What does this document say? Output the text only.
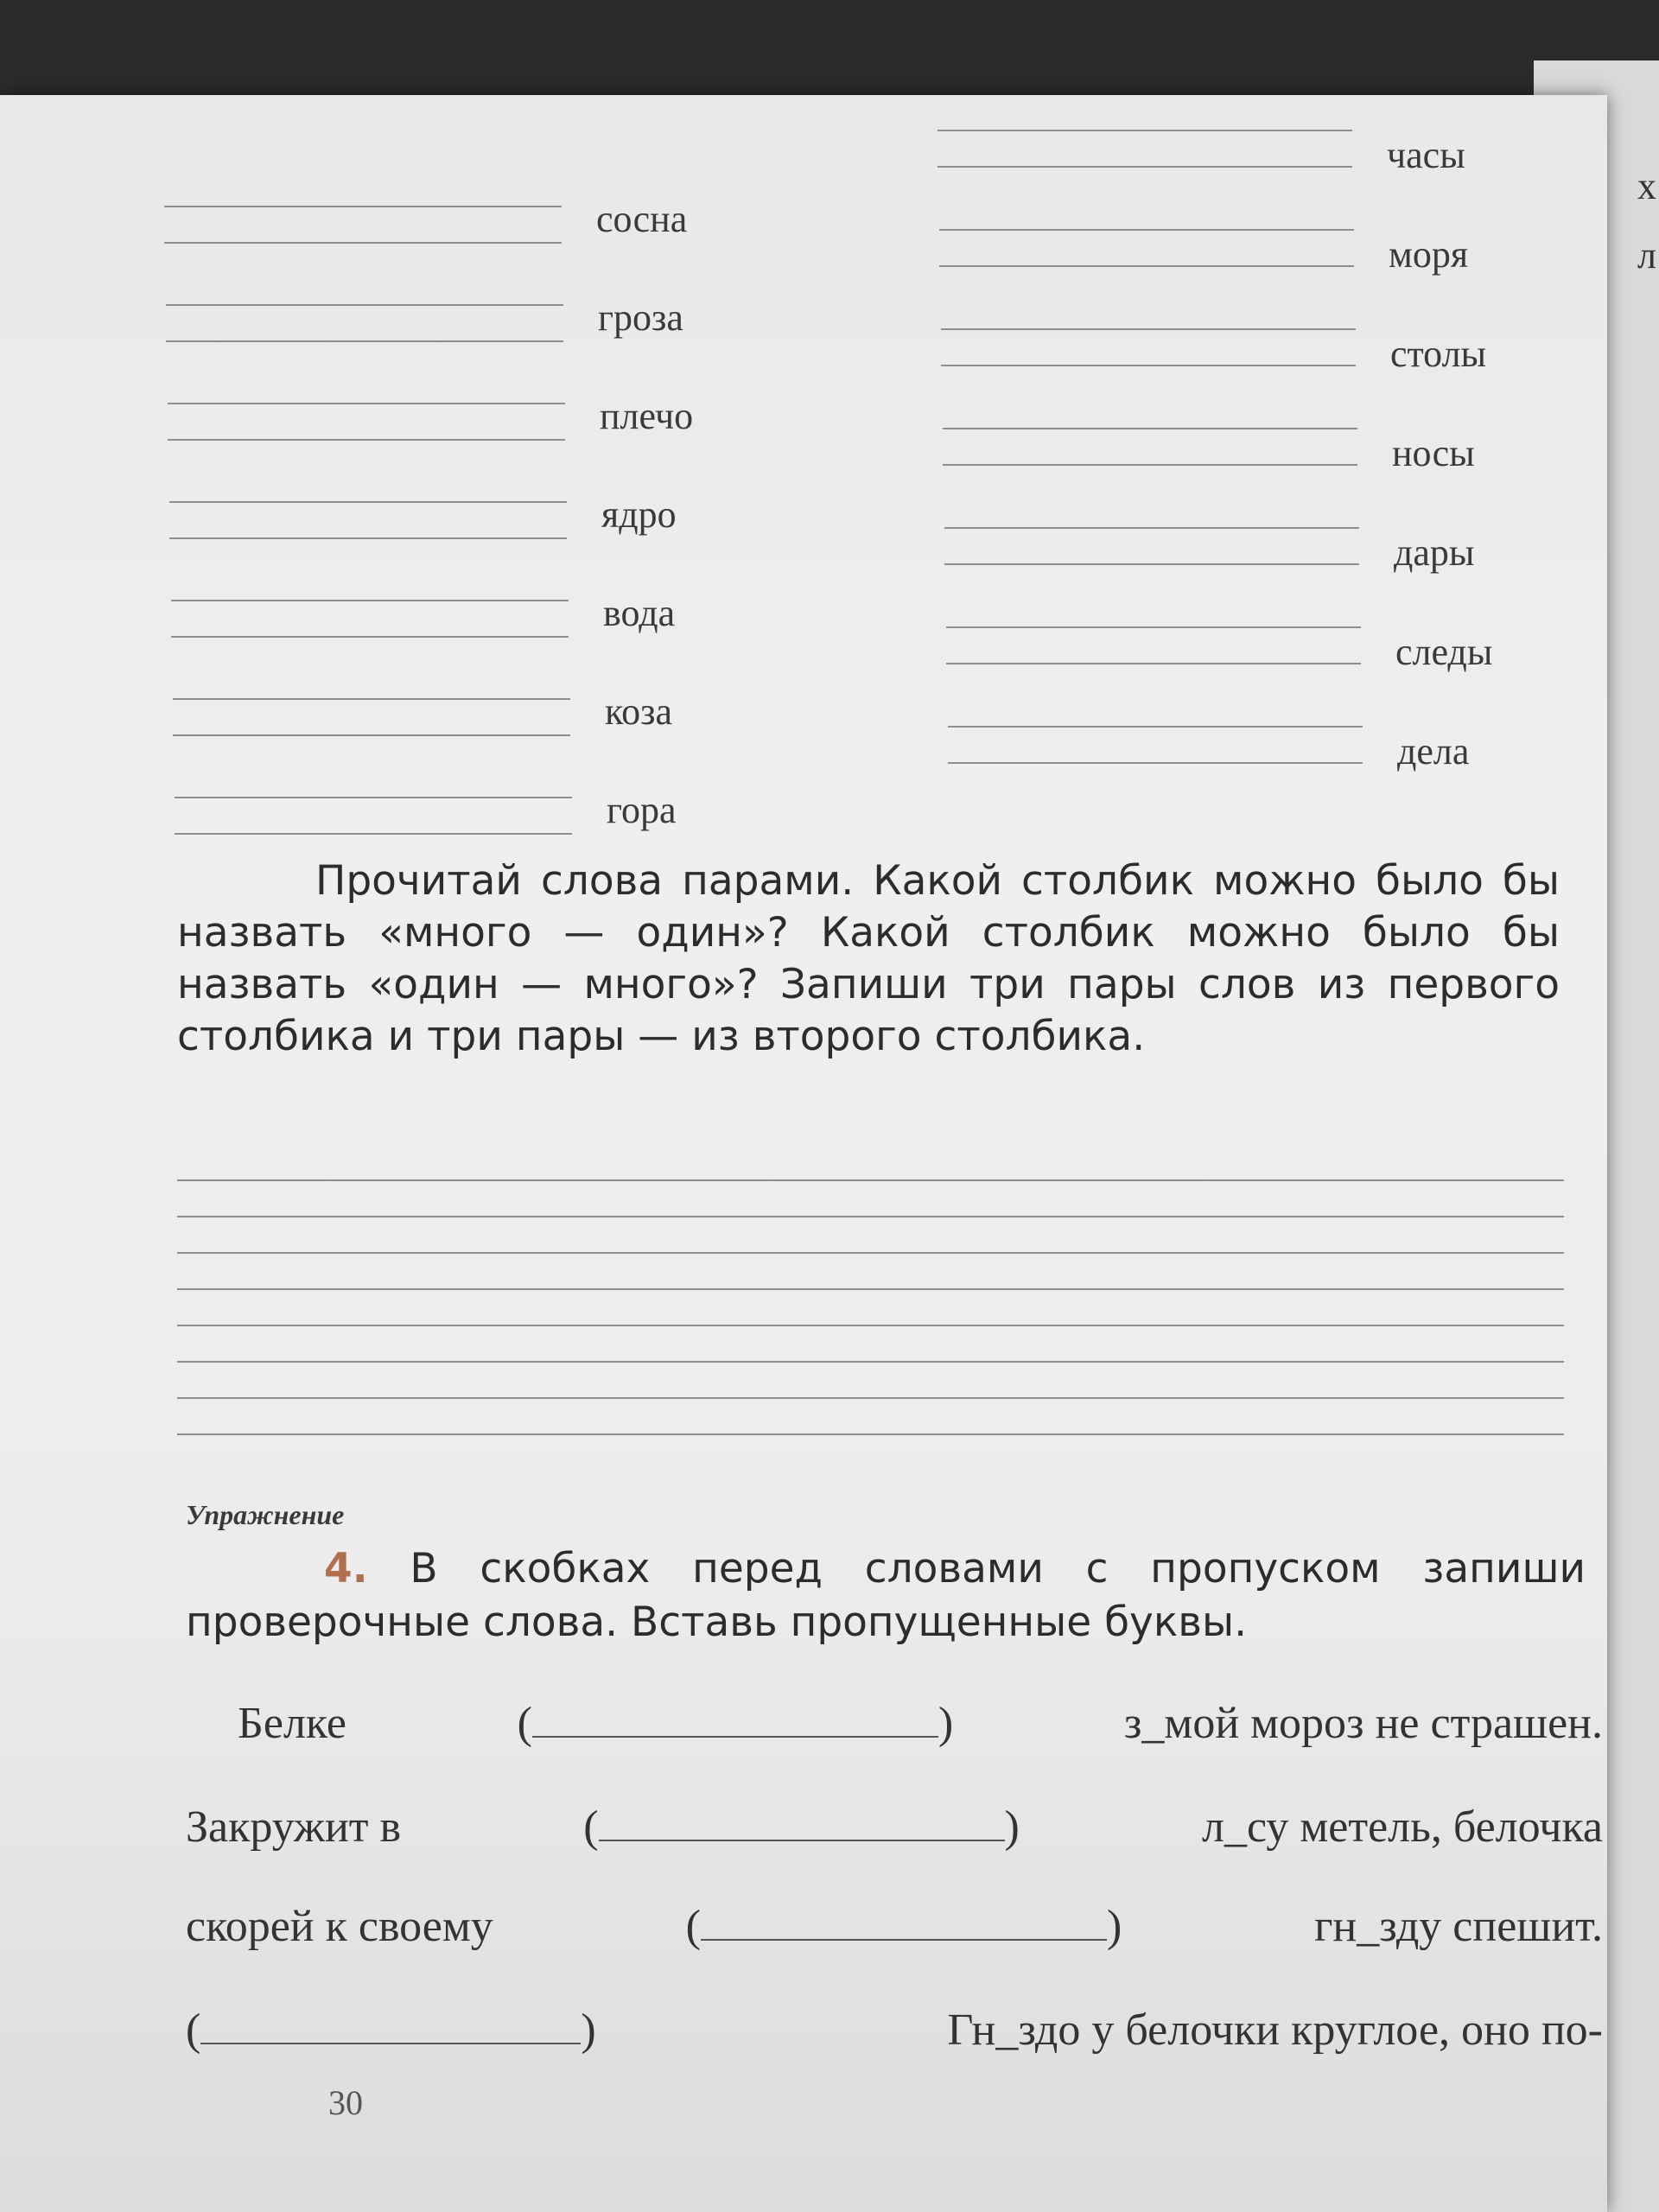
х
л
сосна
гроза
плечо
ядро
вода
коза
гора
часы
моря
столы
носы
дары
следы
дела
Прочитай слова парами. Какой столбик можно было бы назвать «много — один»? Какой столбик можно было бы назвать «один — много»? Запиши три пары слов из первого столбика и три пары — из второго столбика.
Упражнение
4. В скобках перед словами с пропуском запиши проверочные слова. Вставь пропущенные буквы.
Белке	(	)	з_мой мороз не страшен.
Закружит в	(	)	л_су метель, белочка
скорей к своему	(	)	гн_зду спешит.
(	)	Гн_здо у белочки круглое, оно по-
30
